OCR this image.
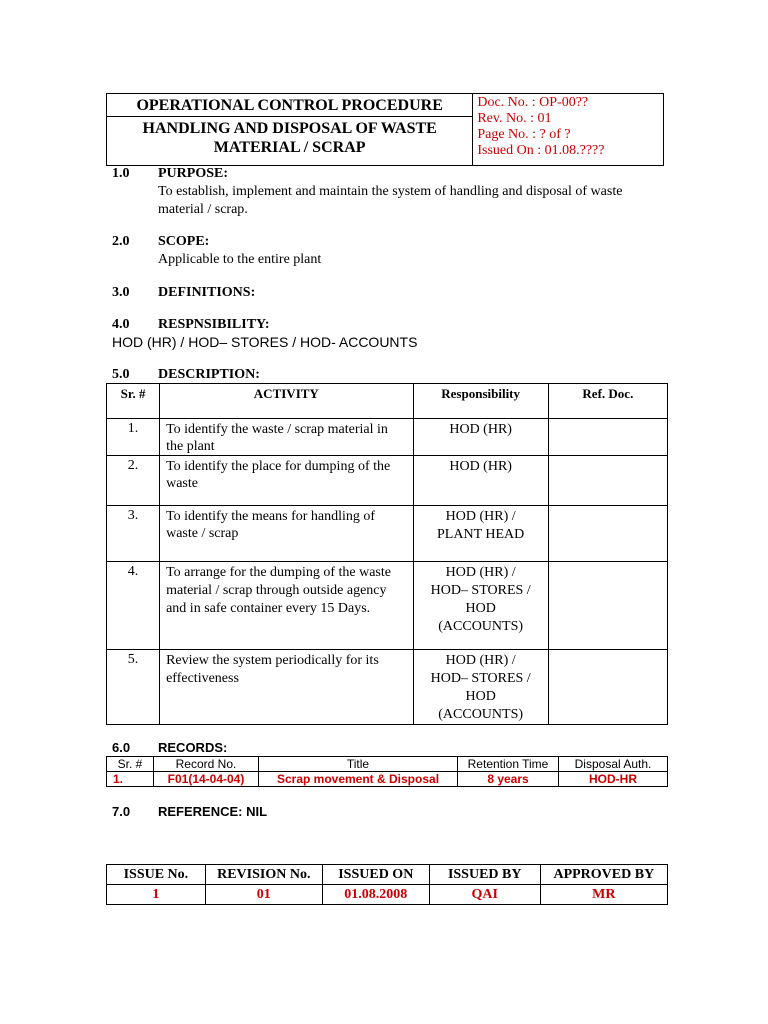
OPERATIONAL CONTROL PROCEDURE	Doc. No. : OP-00??
Rev. No. : 01
Page No. : ? of ?
Issued On : 01.08.????

HANDLING AND DISPOSAL OF WASTE
MATERIAL / SCRAP
1.0 PURPOSE:
To establish, implement and maintain the system of handling and disposal of waste material / scrap.
2.0 SCOPE:
Applicable to the entire plant
3.0 DEFINITIONS:
4.0 RESPNSIBILITY:
HOD (HR) / HOD– STORES / HOD- ACCOUNTS
5.0 DESCRIPTION:
Sr. #	ACTIVITY	Responsibility	Ref. Doc.
1.	To identify the waste / scrap material in the plant	HOD (HR)	
2.	To identify the place for dumping of the waste	HOD (HR)	
3.	To identify the means for handling of waste / scrap	HOD (HR) / PLANT HEAD	
4.	To arrange for the dumping of the waste material / scrap through outside agency and in safe container every 15 Days.	HOD (HR) / HOD– STORES / HOD (ACCOUNTS)	
5.	Review the system periodically for its effectiveness	HOD (HR) / HOD– STORES / HOD (ACCOUNTS)	
6.0 RECORDS:
Sr. #	Record No.	Title	Retention Time	Disposal Auth.
1.	F01(14-04-04)	Scrap movement & Disposal	8 years	HOD-HR
7.0 REFERENCE: NIL
ISSUE No.	REVISION No.	ISSUED ON	ISSUED BY	APPROVED BY
1	01	01.08.2008	QAI	MR
